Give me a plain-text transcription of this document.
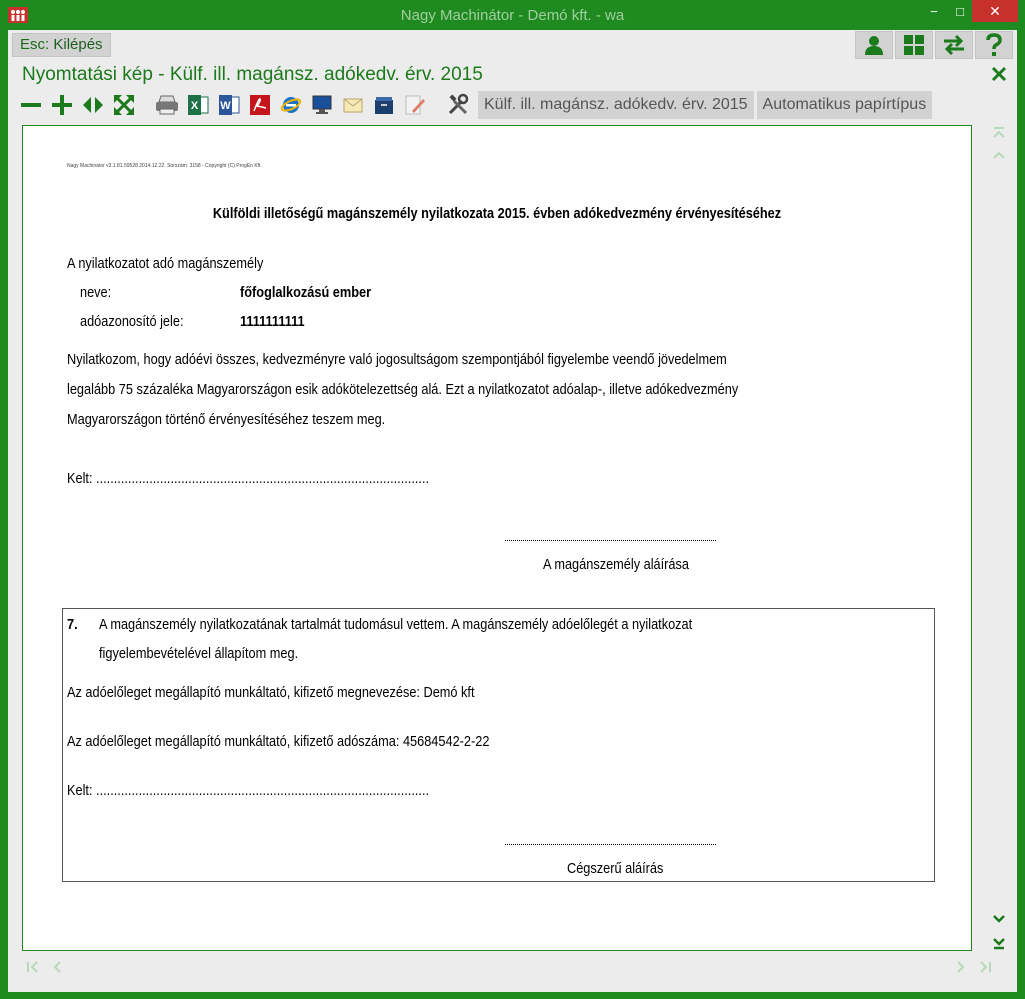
Nagy Machinátor - Demó kft. - wa	−	□	✕
Esc: Kilépés
Nyomtatási kép - Külf. ill. magánsz. adókedv. érv. 2015
X W	Külf. ill. magánsz. adókedv. érv. 2015 Automatikus papírtípus
Nagy Machinátor v3.1.81.59528 2014.12.22. Sorszám: 3158 - Copyright (C) ProgEn Kft.
Külföldi illetőségű magánszemély nyilatkozata 2015. évben adókedvezmény érvényesítéséhez
A nyilatkozatot adó magánszemély
neve:	főfoglalkozású ember
adóazonosító jele:	1111111111
Nyilatkozom, hogy adóévi összes, kedvezményre való jogosultságom szempontjából figyelembe veendő jövedelmem
legalább 75 százaléka Magyarországon esik adókötelezettség alá. Ezt a nyilatkozatot adóalap-, illetve adókedvezmény
Magyarországon történő érvényesítéséhez teszem meg.
Kelt: ..............................................................................................
A magánszemély aláírása
7. A magánszemély nyilatkozatának tartalmát tudomásul vettem. A magánszemély adóelőlegét a nyilatkozat
figyelembevételével állapítom meg.
Az adóelőleget megállapító munkáltató, kifizető megnevezése: Demó kft
Az adóelőleget megállapító munkáltató, kifizető adószáma: 45684542-2-22
Kelt: ..............................................................................................
Cégszerű aláírás
